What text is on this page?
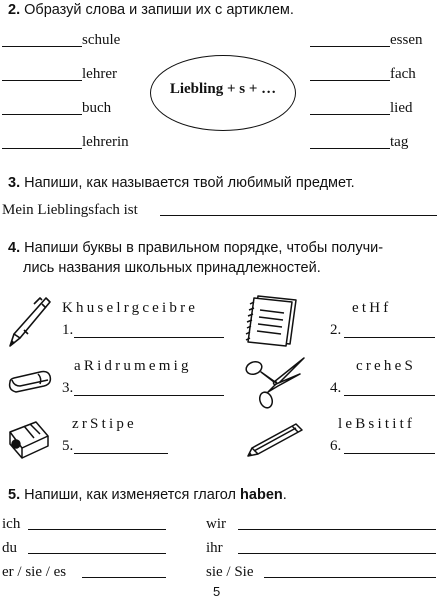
2. Образуй слова и запиши их с артиклем.
schule
lehrer
buch
lehrerin
Liebling + s + …
essen
fach
lied
tag
3. Напиши, как называется твой любимый предмет.
Mein Lieblingsfach ist
4. Напиши буквы в правильном порядке, чтобы получи-
лись названия школьных принадлежностей.
Khuselrgceibre
1.
etHf
2.
aRidrumemig
3.
creheS
4.
zrStipe
5.
leBsititf
6.
5. Напиши, как изменяется глагол haben.
ich
du
er / sie / es
wir
ihr
sie / Sie
5
